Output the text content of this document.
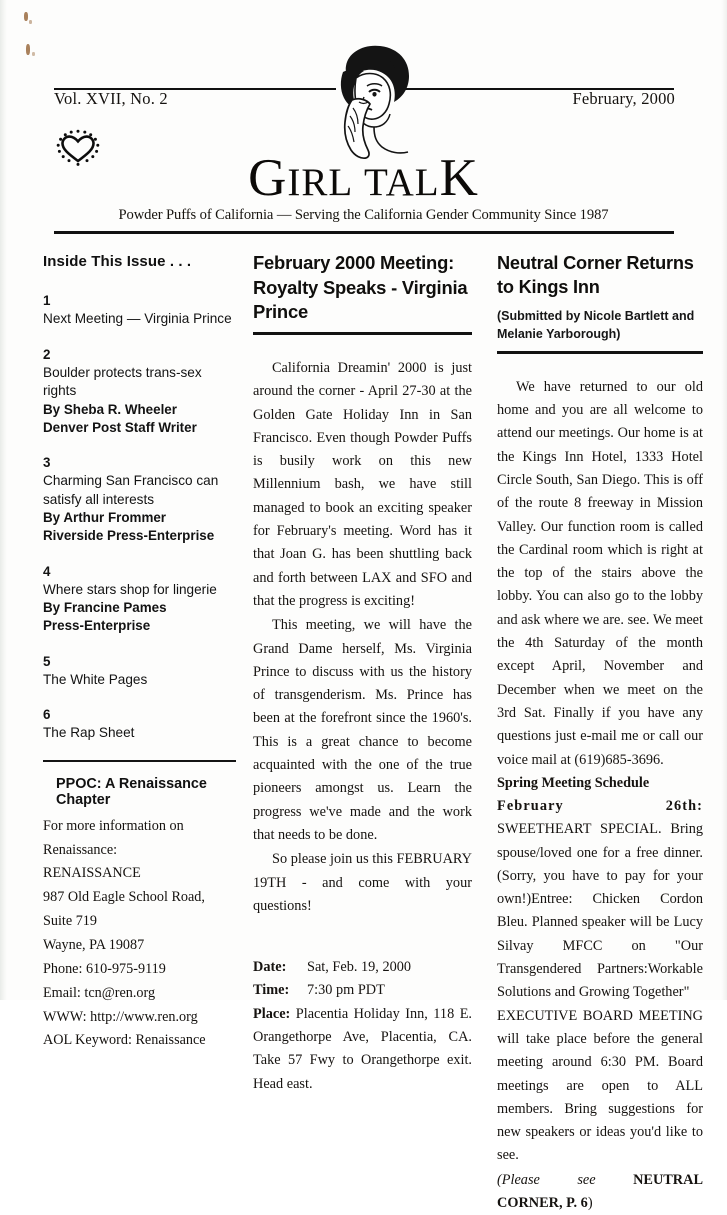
Vol. XVII, No. 2	February, 2000
GIRL TALK
Powder Puffs of California — Serving the California Gender Community Since 1987
Inside This Issue . . .
1
Next Meeting — Virginia Prince
2
Boulder protects trans-sex rights
By Sheba R. Wheeler
Denver Post Staff Writer
3
Charming San Francisco can satisfy all interests
By Arthur Frommer
Riverside Press-Enterprise
4
Where stars shop for lingerie
By Francine Pames
Press-Enterprise
5
The White Pages
6
The Rap Sheet
PPOC: A Renaissance Chapter
For more information on Renaissance:
RENAISSANCE
987 Old Eagle School Road, Suite 719
Wayne, PA 19087
Phone: 610-975-9119
Email: tcn@ren.org
WWW: http://www.ren.org
AOL Keyword: Renaissance
February 2000 Meeting: Royalty Speaks - Virginia Prince

California Dreamin' 2000 is just around the corner - April 27-30 at the Golden Gate Holiday Inn in San Francisco. Even though Powder Puffs is busily work on this new Millennium bash, we have still managed to book an exciting speaker for February's meeting. Word has it that Joan G. has been shuttling back and forth between LAX and SFO and that the progress is exciting!

This meeting, we will have the Grand Dame herself, Ms. Virginia Prince to discuss with us the history of transgenderism. Ms. Prince has been at the forefront since the 1960's. This is a great chance to become acquainted with the one of the true pioneers amongst us. Learn the progress we've made and the work that needs to be done.

So please join us this FEBRUARY 19TH - and come with your questions!

Date:	Sat, Feb. 19, 2000
Time:	7:30 pm PDT
Place: Placentia Holiday Inn, 118 E. Orangethorpe Ave, Placentia, CA. Take 57 Fwy to Orangethorpe exit. Head east.
Neutral Corner Returns to Kings Inn
(Submitted by Nicole Bartlett and Melanie Yarborough)

We have returned to our old home and you are all welcome to attend our meetings. Our home is at the Kings Inn Hotel, 1333 Hotel Circle South, San Diego. This is off of the route 8 freeway in Mission Valley. Our function room is called the Cardinal room which is right at the top of the stairs above the lobby. You can also go to the lobby and ask where we are. see. We meet the 4th Saturday of the month except April, November and December when we meet on the 3rd Sat. Finally if you have any questions just e-mail me or call our voice mail at (619)685-3696.

Spring Meeting Schedule
February 26th: SWEETHEART SPECIAL. Bring spouse/loved one for a free dinner. (Sorry, you have to pay for your own!)Entree: Chicken Cordon Bleu. Planned speaker will be Lucy Silvay MFCC on "Our Transgendered Partners:Workable Solutions and Growing Together"
EXECUTIVE BOARD MEETING will take place before the general meeting around 6:30 PM. Board meetings are open to ALL members. Bring suggestions for new speakers or ideas you'd like to see.
(Please see NEUTRAL CORNER, P. 6)
